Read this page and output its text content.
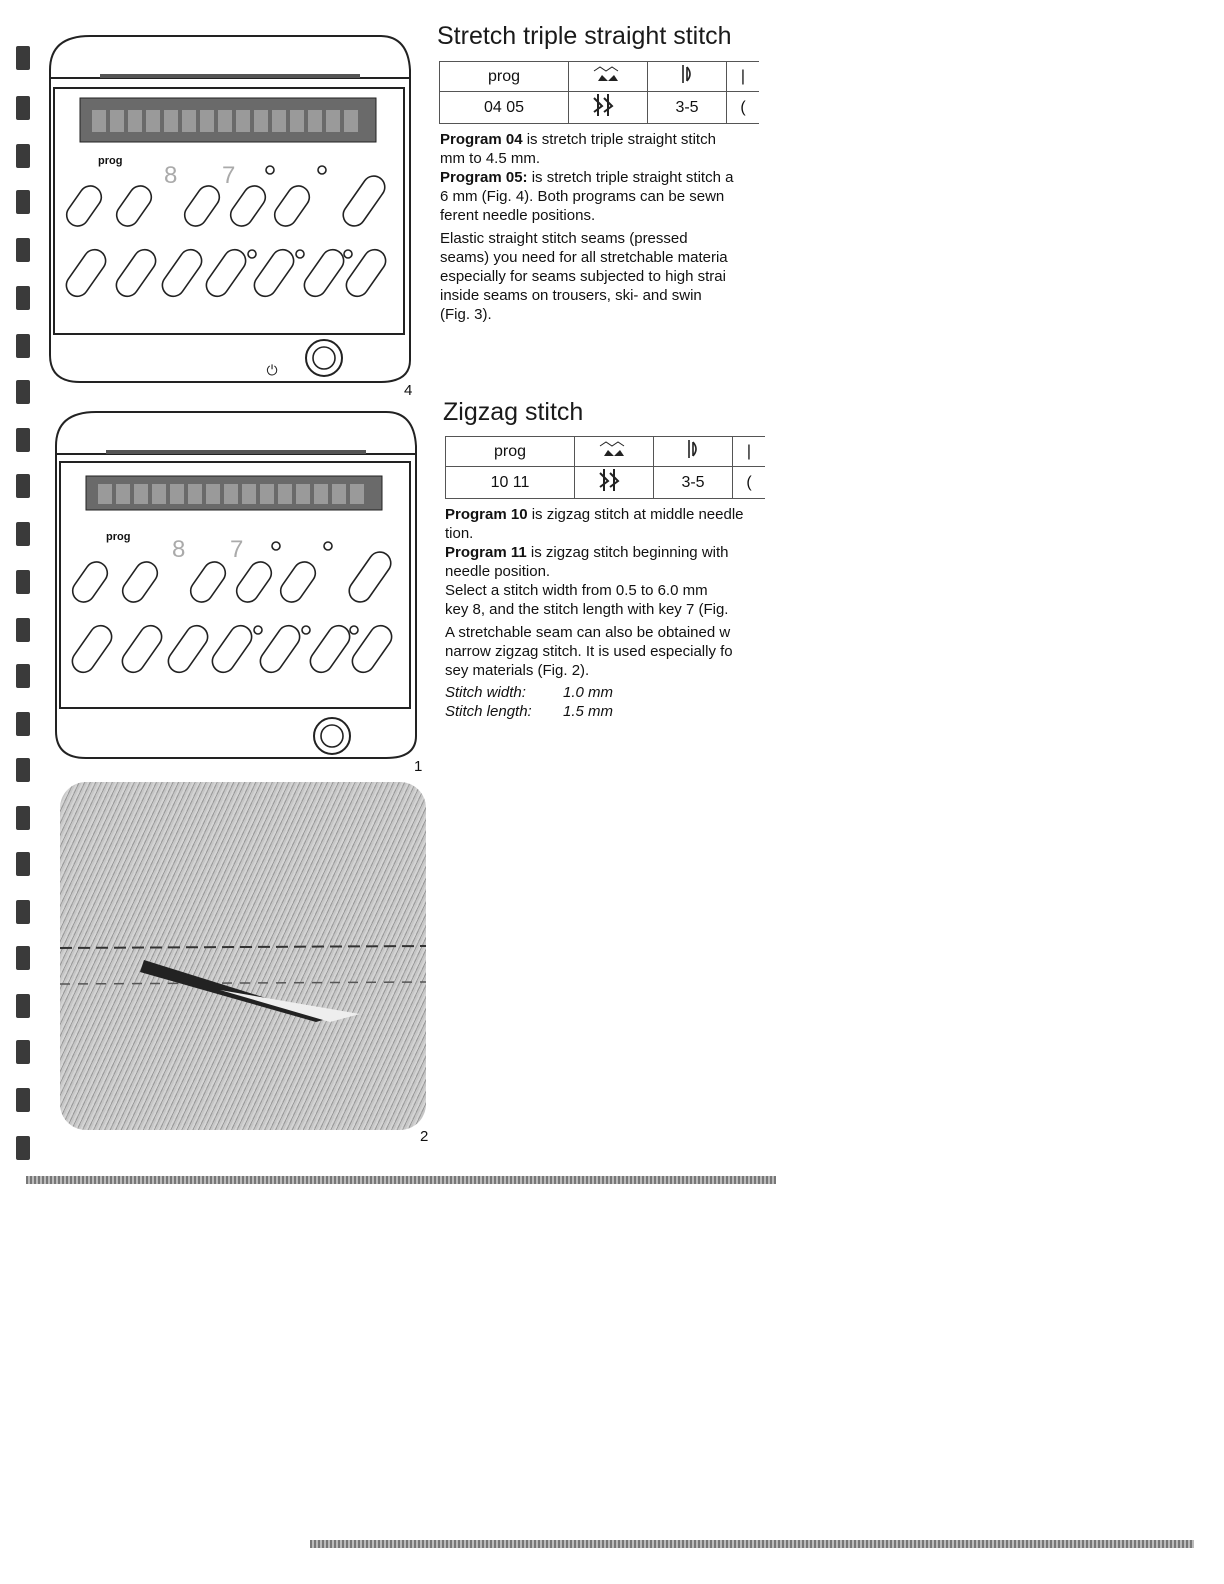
⏻
prog
8 7
4
prog 8 7
1
2
Stretch triple straight stitch
prog			|
04 05		3-5	(
Program 04 is stretch triple straight stitch
mm to 4.5 mm.
Program 05: is stretch triple straight stitch a
6 mm (Fig. 4). Both programs can be sewn
ferent needle positions.
Elastic straight stitch seams (pressed
seams) you need for all stretchable materia
especially for seams subjected to high strai
inside seams on trousers, ski- and swin
(Fig. 3).
Zigzag stitch
prog			|
10 11		3-5	(
Program 10 is zigzag stitch at middle needle
tion.
Program 11 is zigzag stitch beginning with
needle position.
Select a stitch width from 0.5 to 6.0 mm
key 8, and the stitch length with key 7 (Fig.
A stretchable seam can also be obtained w
narrow zigzag stitch. It is used especially fo
sey materials (Fig. 2).
Stitch width: 1.0 mm
Stitch length: 1.5 mm
